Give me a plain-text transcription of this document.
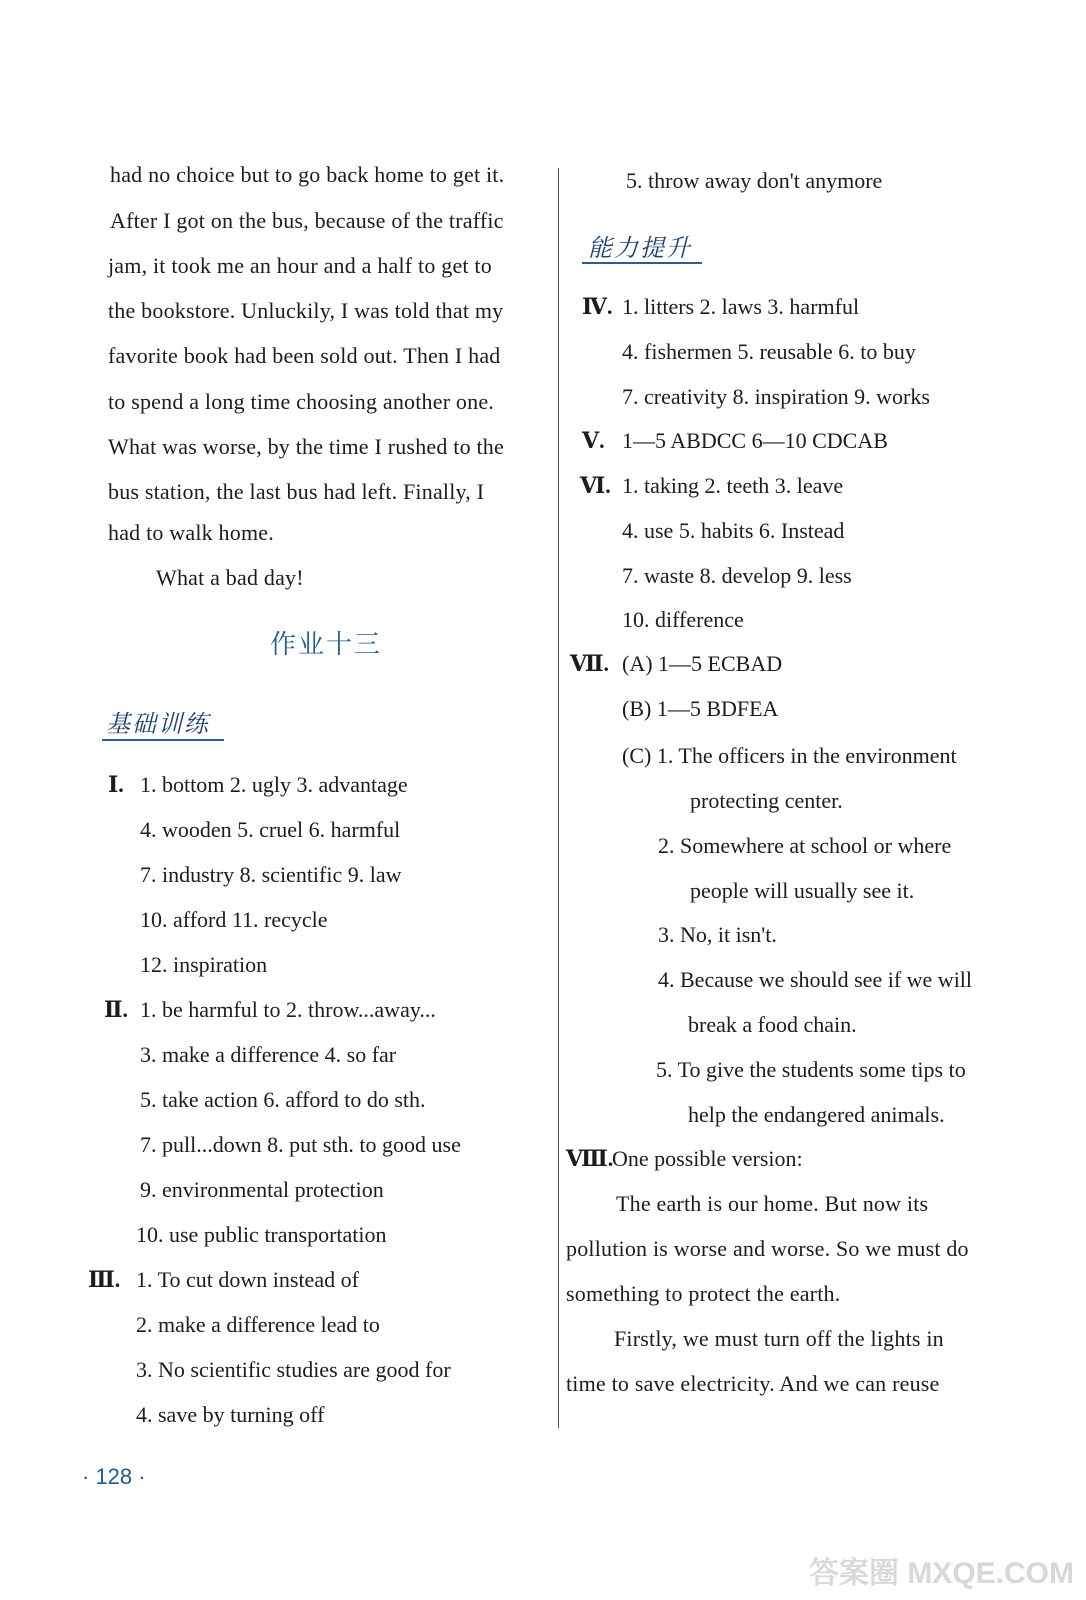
had no choice but to go back home to get it.
After I got on the bus, because of the traffic
jam, it took me an hour and a half to get to
the bookstore. Unluckily, I was told that my
favorite book had been sold out. Then I had
to spend a long time choosing another one.
What was worse, by the time I rushed to the
bus station, the last bus had left. Finally, I
had to walk home.
What a bad day!
作业十三
基础训练
Ⅰ. 1. bottom 2. ugly 3. advantage
4. wooden 5. cruel 6. harmful
7. industry 8. scientific 9. law
10. afford 11. recycle
12. inspiration
Ⅱ. 1. be harmful to 2. throw...away...
3. make a difference 4. so far
5. take action 6. afford to do sth.
7. pull...down 8. put sth. to good use
9. environmental protection
10. use public transportation
Ⅲ. 1. To cut down instead of
2. make a difference lead to
3. No scientific studies are good for
4. save by turning off
5. throw away don't anymore
能力提升
Ⅳ. 1. litters 2. laws 3. harmful
4. fishermen 5. reusable 6. to buy
7. creativity 8. inspiration 9. works
Ⅴ. 1—5 ABDCC 6—10 CDCAB
Ⅵ. 1. taking 2. teeth 3. leave
4. use 5. habits 6. Instead
7. waste 8. develop 9. less
10. difference
Ⅶ. (A) 1—5 ECBAD
(B) 1—5 BDFEA
(C) 1. The officers in the environment
protecting center.
2. Somewhere at school or where
people will usually see it.
3. No, it isn't.
4. Because we should see if we will
break a food chain.
5. To give the students some tips to
help the endangered animals.
Ⅷ.
One possible version:
The earth is our home. But now its
pollution is worse and worse. So we must do
something to protect the earth.
Firstly, we must turn off the lights in
time to save electricity. And we can reuse
· 128 ·
答案圈 MXQE.COM
